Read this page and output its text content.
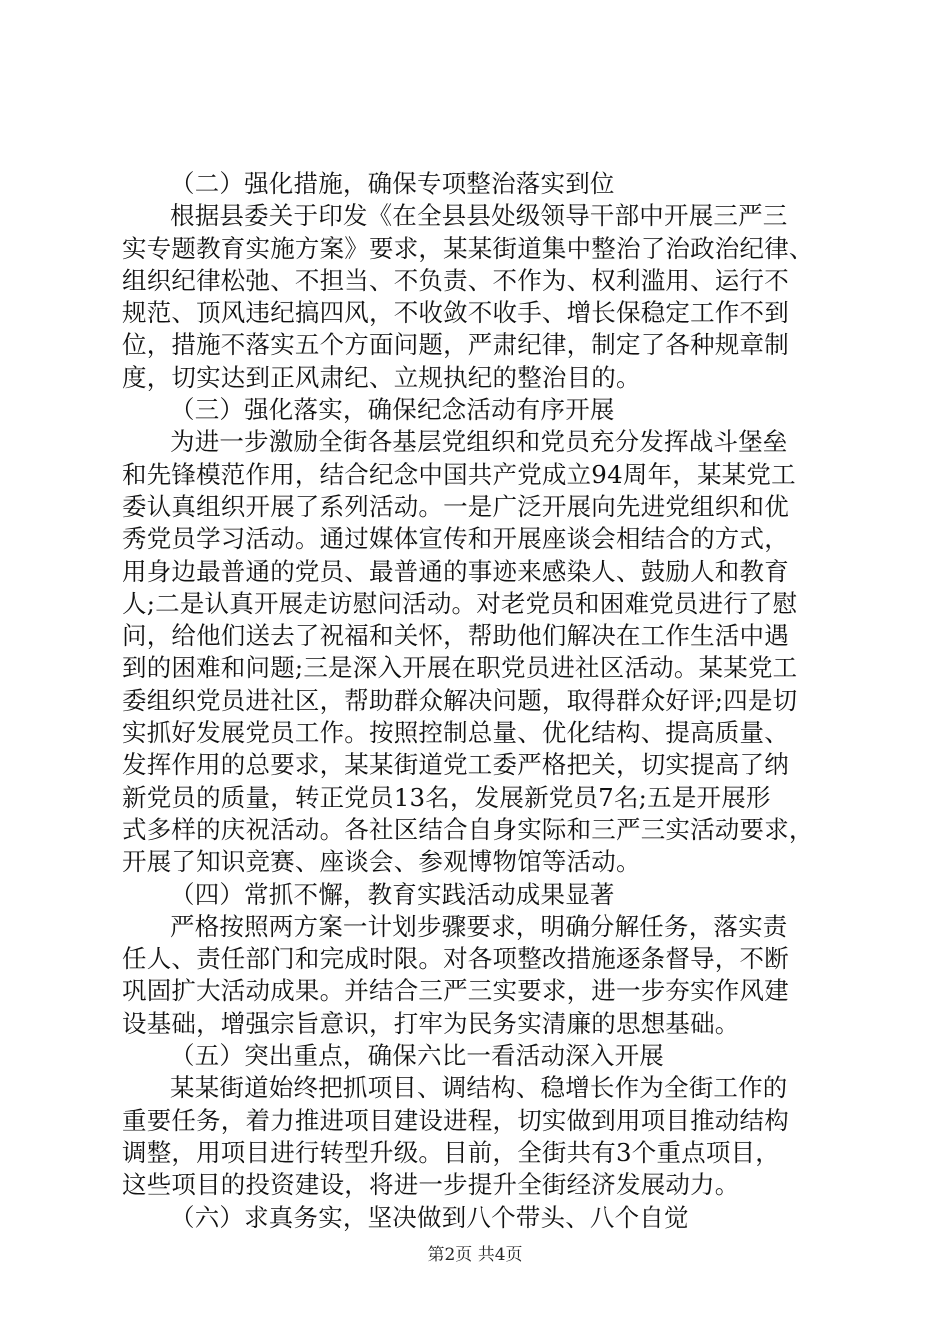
（二）强化措施，确保专项整治落实到位
根据县委关于印发《在全县县处级领导干部中开展三严三
实专题教育实施方案》要求，某某街道集中整治了治政治纪律、
组织纪律松弛、不担当、不负责、不作为、权利滥用、运行不
规范、顶风违纪搞四风，不收敛不收手、增长保稳定工作不到
位，措施不落实五个方面问题，严肃纪律，制定了各种规章制
度，切实达到正风肃纪、立规执纪的整治目的。
（三）强化落实，确保纪念活动有序开展
为进一步激励全街各基层党组织和党员充分发挥战斗堡垒
和先锋模范作用，结合纪念中国共产党成立94周年，某某党工
委认真组织开展了系列活动。一是广泛开展向先进党组织和优
秀党员学习活动。通过媒体宣传和开展座谈会相结合的方式，
用身边最普通的党员、最普通的事迹来感染人、鼓励人和教育
人;二是认真开展走访慰问活动。对老党员和困难党员进行了慰
问，给他们送去了祝福和关怀，帮助他们解决在工作生活中遇
到的困难和问题;三是深入开展在职党员进社区活动。某某党工
委组织党员进社区，帮助群众解决问题，取得群众好评;四是切
实抓好发展党员工作。按照控制总量、优化结构、提高质量、
发挥作用的总要求，某某街道党工委严格把关，切实提高了纳
新党员的质量，转正党员13名，发展新党员7名;五是开展形
式多样的庆祝活动。各社区结合自身实际和三严三实活动要求，
开展了知识竞赛、座谈会、参观博物馆等活动。
（四）常抓不懈，教育实践活动成果显著
严格按照两方案一计划步骤要求，明确分解任务，落实责
任人、责任部门和完成时限。对各项整改措施逐条督导，不断
巩固扩大活动成果。并结合三严三实要求，进一步夯实作风建
设基础，增强宗旨意识，打牢为民务实清廉的思想基础。
（五）突出重点，确保六比一看活动深入开展
某某街道始终把抓项目、调结构、稳增长作为全街工作的
重要任务，着力推进项目建设进程，切实做到用项目推动结构
调整，用项目进行转型升级。目前，全街共有3个重点项目，
这些项目的投资建设，将进一步提升全街经济发展动力。
（六）求真务实，坚决做到八个带头、八个自觉
第2页 共4页
